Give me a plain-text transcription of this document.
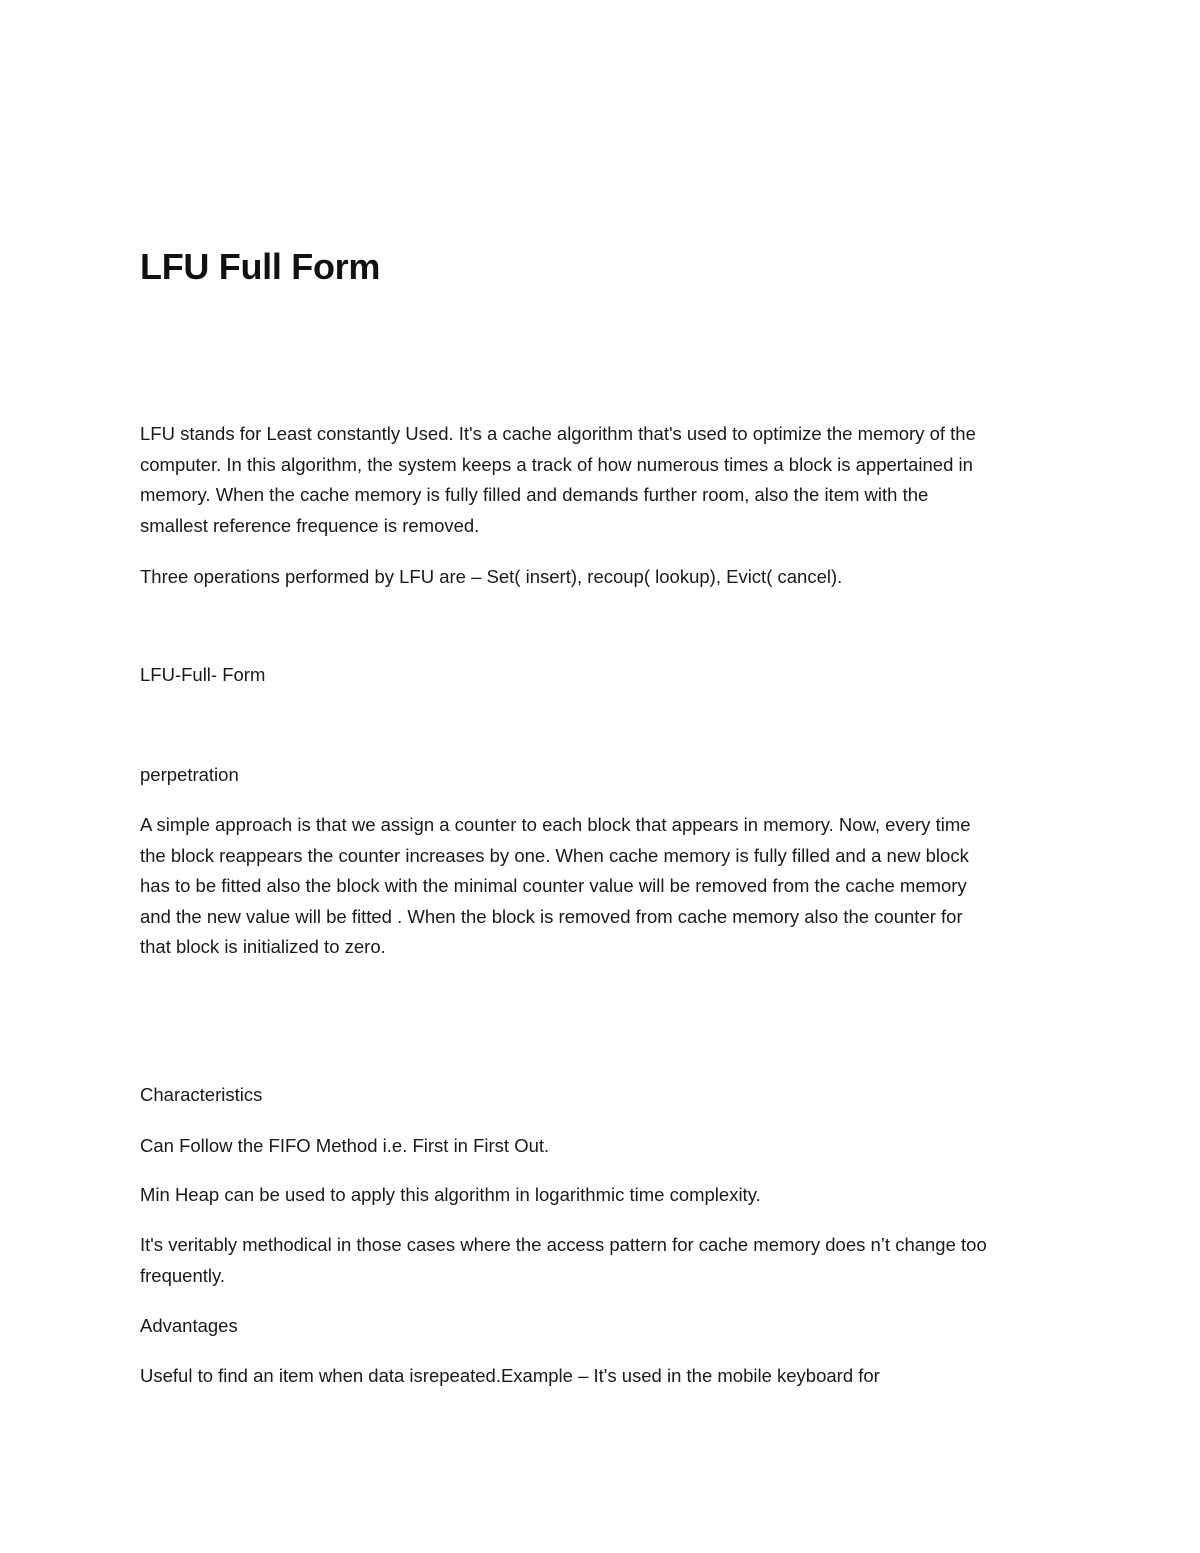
LFU Full Form

LFU stands for Least constantly Used. It's a cache algorithm that's used to optimize the memory of the
computer. In this algorithm, the system keeps a track of how numerous times a block is appertained in
memory. When the cache memory is fully filled and demands further room, also the item with the
smallest reference frequence is removed.

Three operations performed by LFU are – Set( insert), recoup( lookup), Evict( cancel).

LFU-Full- Form

perpetration

A simple approach is that we assign a counter to each block that appears in memory. Now, every time
the block reappears the counter increases by one. When cache memory is fully filled and a new block
has to be fitted also the block with the minimal counter value will be removed from the cache memory
and the new value will be fitted . When the block is removed from cache memory also the counter for
that block is initialized to zero.

Characteristics

Can Follow the FIFO Method i.e. First in First Out.

Min Heap can be used to apply this algorithm in logarithmic time complexity.

It's veritably methodical in those cases where the access pattern for cache memory does n’t change too
frequently.

Advantages

Useful to find an item when data isrepeated.Example – It's used in the mobile keyboard for
